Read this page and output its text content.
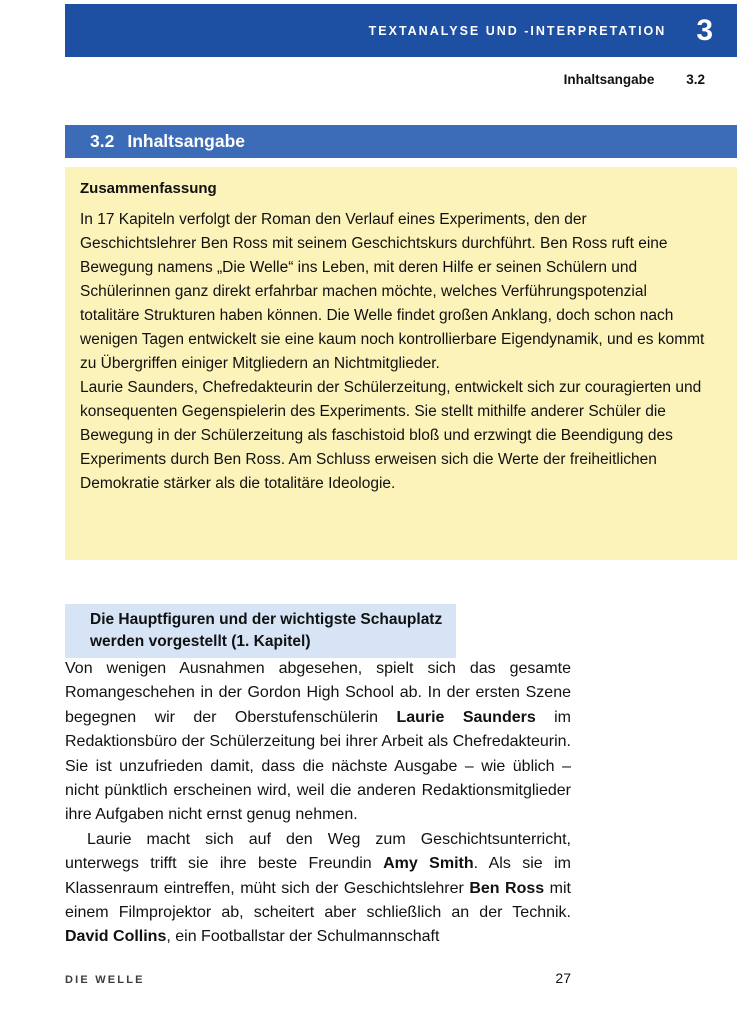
TEXTANALYSE UND -INTERPRETATION 3
Inhaltsangabe 3.2
3.2 Inhaltsangabe
Zusammenfassung

In 17 Kapiteln verfolgt der Roman den Verlauf eines Experiments, den der Geschichtslehrer Ben Ross mit seinem Geschichtskurs durchführt. Ben Ross ruft eine Bewegung namens „Die Welle“ ins Leben, mit deren Hilfe er seinen Schülern und Schülerinnen ganz direkt erfahrbar machen möchte, welches Verführungspotenzial totalitäre Strukturen haben können. Die Welle findet großen Anklang, doch schon nach wenigen Tagen entwickelt sie eine kaum noch kontrollierbare Eigendynamik, und es kommt zu Übergriffen einiger Mitgliedern an Nichtmitglieder.

Laurie Saunders, Chefredakteurin der Schülerzeitung, entwickelt sich zur couragierten und konsequenten Gegenspielerin des Experiments. Sie stellt mithilfe anderer Schüler die Bewegung in der Schülerzeitung als faschistoid bloß und erzwingt die Beendigung des Experiments durch Ben Ross. Am Schluss erweisen sich die Werte der freiheitlichen Demokratie stärker als die totalitäre Ideologie.

Die Hauptfiguren und der wichtigste Schauplatz
werden vorgestellt (1. Kapitel)

Von wenigen Ausnahmen abgesehen, spielt sich das gesamte Romangeschehen in der Gordon High School ab. In der ersten Szene begegnen wir der Oberstufenschülerin Laurie Saunders im Redaktionsbüro der Schülerzeitung bei ihrer Arbeit als Chefredakteurin. Sie ist unzufrieden damit, dass die nächste Ausgabe – wie üblich – nicht pünktlich erscheinen wird, weil die anderen Redaktionsmitglieder ihre Aufgaben nicht ernst genug nehmen.

Laurie macht sich auf den Weg zum Geschichtsunterricht, unterwegs trifft sie ihre beste Freundin Amy Smith. Als sie im Klassenraum eintreffen, müht sich der Geschichtslehrer Ben Ross mit einem Filmprojektor ab, scheitert aber schließlich an der Technik. David Collins, ein Footballstar der Schulmannschaft

DIE WELLE	27
